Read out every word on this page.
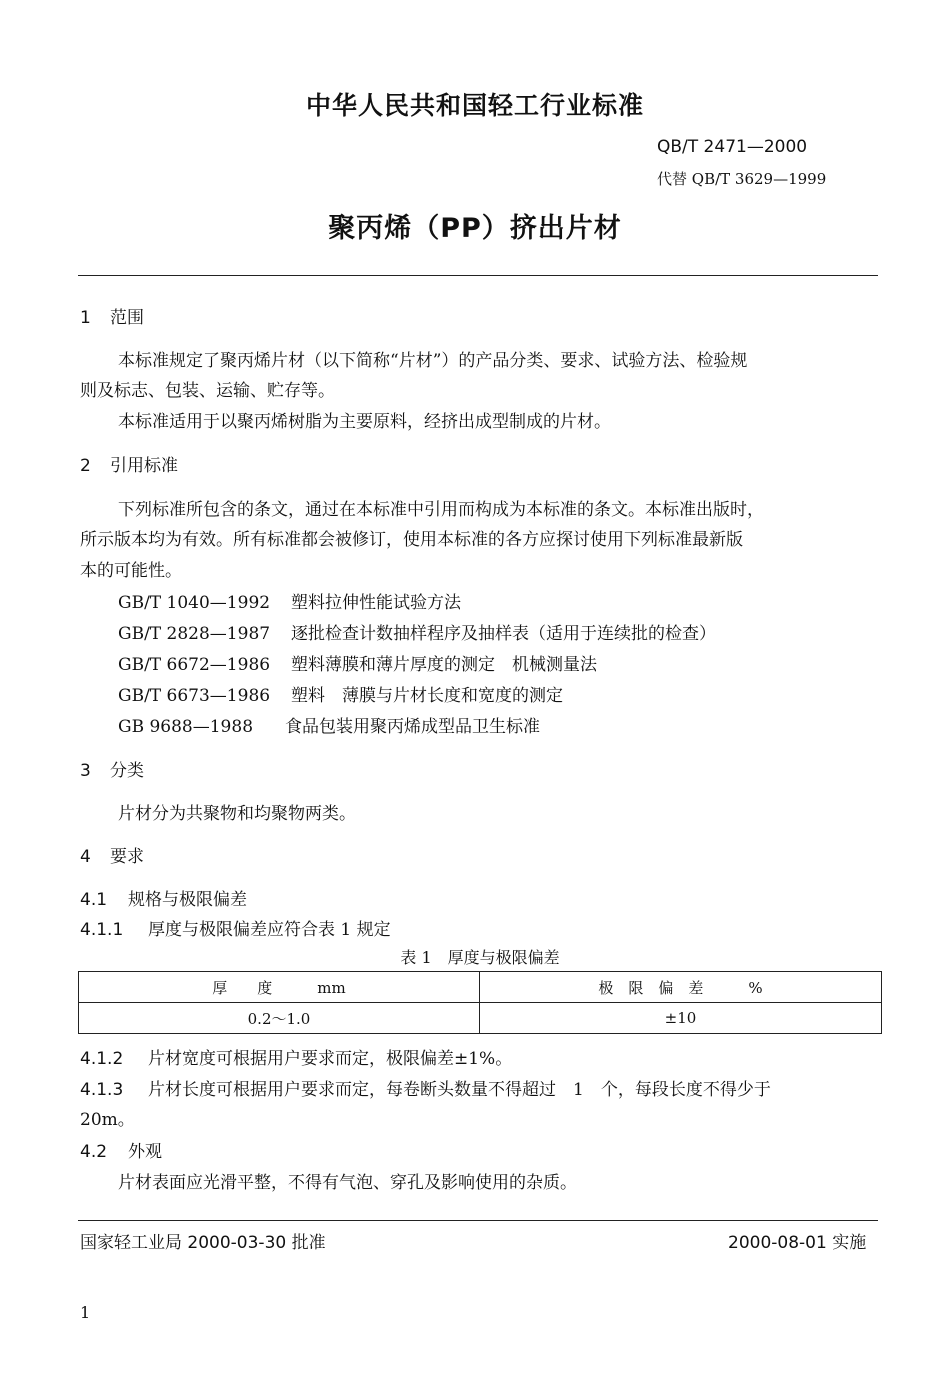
中华人民共和国轻工行业标准
QB/T 2471—2000
代替 QB/T 3629—1999
聚丙烯（PP）挤出片材
1 范围
本标准规定了聚丙烯片材（以下简称“片材”）的产品分类、要求、试验方法、检验规
则及标志、包装、运输、贮存等。
本标准适用于以聚丙烯树脂为主要原料，经挤出成型制成的片材。
2 引用标准
下列标准所包含的条文，通过在本标准中引用而构成为本标准的条文。本标准出版时，
所示版本均为有效。所有标准都会被修订，使用本标准的各方应探讨使用下列标准最新版
本的可能性。
GB/T 1040—1992 塑料拉伸性能试验方法
GB/T 2828—1987 逐批检查计数抽样程序及抽样表（适用于连续批的检查）
GB/T 6672—1986 塑料薄膜和薄片厚度的测定　机械测量法
GB/T 6673—1986 塑料　薄膜与片材长度和宽度的测定
GB 9688—1988 食品包装用聚丙烯成型品卫生标准
3 分类
片材分为共聚物和均聚物两类。
4 要求
4.1 规格与极限偏差
4.1.1 厚度与极限偏差应符合表 1 规定
表 1　厚度与极限偏差
厚　　度　　　mm	极　限　偏　差　　　%
0.2～1.0	±10
4.1.2 片材宽度可根据用户要求而定，极限偏差±1%。
4.1.3 片材长度可根据用户要求而定，每卷断头数量不得超过　1　个，每段长度不得少于
20m。
4.2 外观
片材表面应光滑平整，不得有气泡、穿孔及影响使用的杂质。
国家轻工业局 2000-03-30 批准	2000-08-01 实施
1
